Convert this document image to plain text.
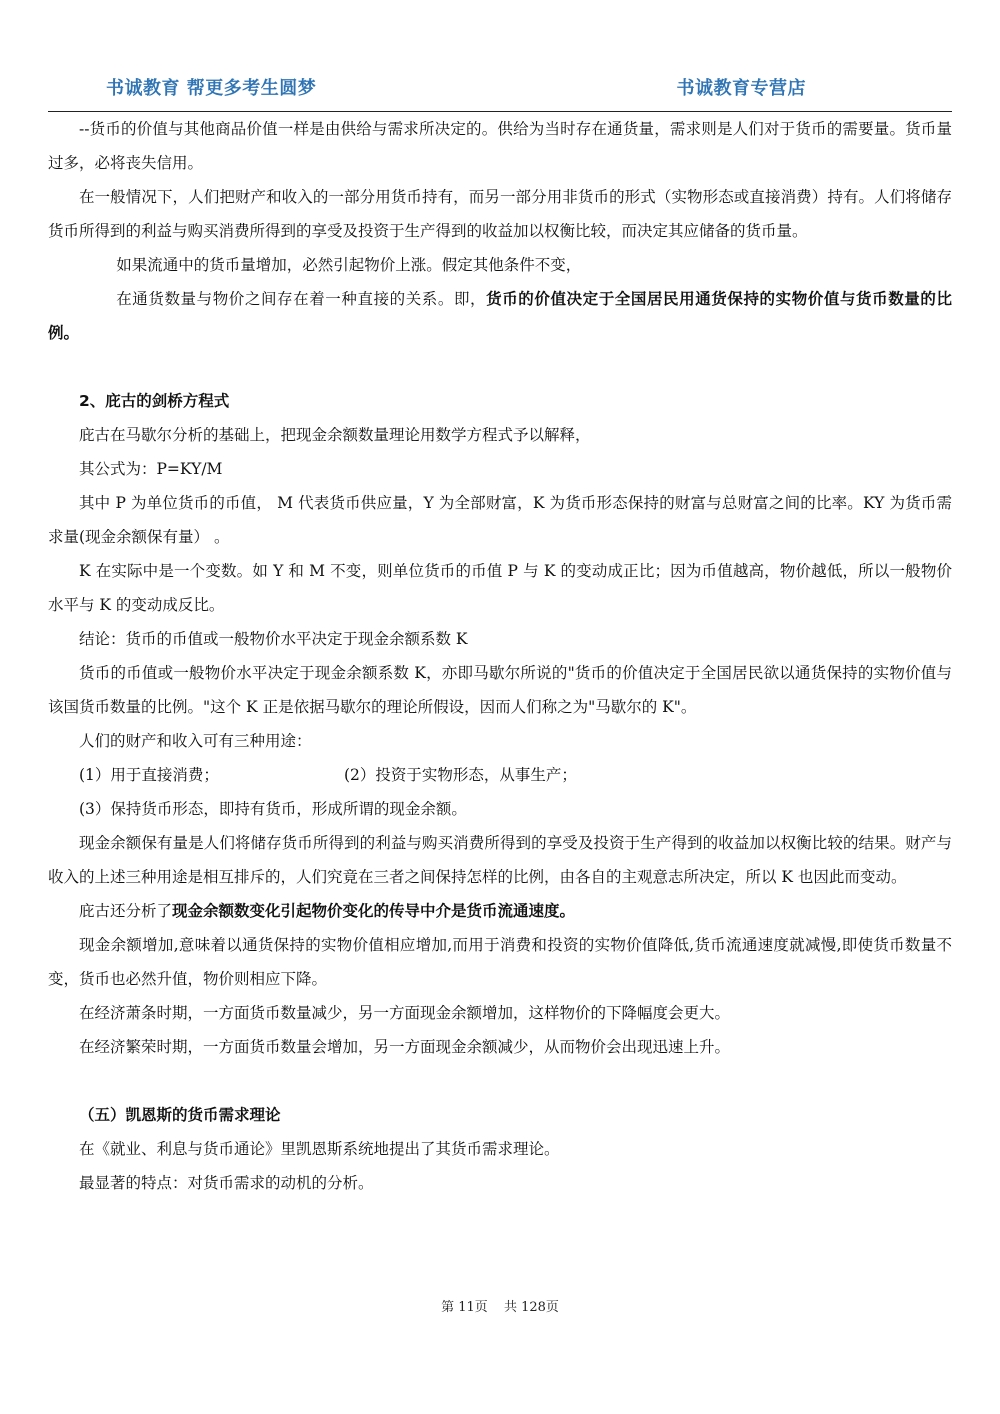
书诚教育 帮更多考生圆梦	书诚教育专营店

--货币的价值与其他商品价值一样是由供给与需求所决定的。供给为当时存在通货量，需求则是人们对于货币的需要量。货币量过多，必将丧失信用。

在一般情况下，人们把财产和收入的一部分用货币持有，而另一部分用非货币的形式（实物形态或直接消费）持有。人们将储存货币所得到的利益与购买消费所得到的享受及投资于生产得到的收益加以权衡比较，而决定其应储备的货币量。

如果流通中的货币量增加，必然引起物价上涨。假定其他条件不变，

在通货数量与物价之间存在着一种直接的关系。即，货币的价值决定于全国居民用通货保持的实物价值与货币数量的比例。

2、庇古的剑桥方程式

庇古在马歇尔分析的基础上，把现金余额数量理论用数学方程式予以解释，

其公式为：P=KY/M

其中 P 为单位货币的币值， M 代表货币供应量，Y 为全部财富，K 为货币形态保持的财富与总财富之间的比率。KY 为货币需求量(现金余额保有量） 。

K 在实际中是一个变数。如 Y 和 M 不变，则单位货币的币值 P 与 K 的变动成正比；因为币值越高，物价越低，所以一般物价水平与 K 的变动成反比。

结论：货币的币值或一般物价水平决定于现金余额系数 K

货币的币值或一般物价水平决定于现金余额系数 K，亦即马歇尔所说的"货币的价值决定于全国居民欲以通货保持的实物价值与该国货币数量的比例。"这个 K 正是依据马歇尔的理论所假设，因而人们称之为"马歇尔的 K"。

人们的财产和收入可有三种用途：

(1）用于直接消费；	(2）投资于实物形态，从事生产；

(3）保持货币形态，即持有货币，形成所谓的现金余额。

现金余额保有量是人们将储存货币所得到的利益与购买消费所得到的享受及投资于生产得到的收益加以权衡比较的结果。财产与收入的上述三种用途是相互排斥的，人们究竟在三者之间保持怎样的比例，由各自的主观意志所决定，所以 K 也因此而变动。

庇古还分析了现金余额数变化引起物价变化的传导中介是货币流通速度。

现金余额增加,意味着以通货保持的实物价值相应增加,而用于消费和投资的实物价值降低,货币流通速度就减慢,即使货币数量不变，货币也必然升值，物价则相应下降。

在经济萧条时期，一方面货币数量减少，另一方面现金余额增加，这样物价的下降幅度会更大。

在经济繁荣时期，一方面货币数量会增加，另一方面现金余额减少，从而物价会出现迅速上升。

（五）凯恩斯的货币需求理论

在《就业、利息与货币通论》里凯恩斯系统地提出了其货币需求理论。

最显著的特点：对货币需求的动机的分析。

第 11页 共 128页
